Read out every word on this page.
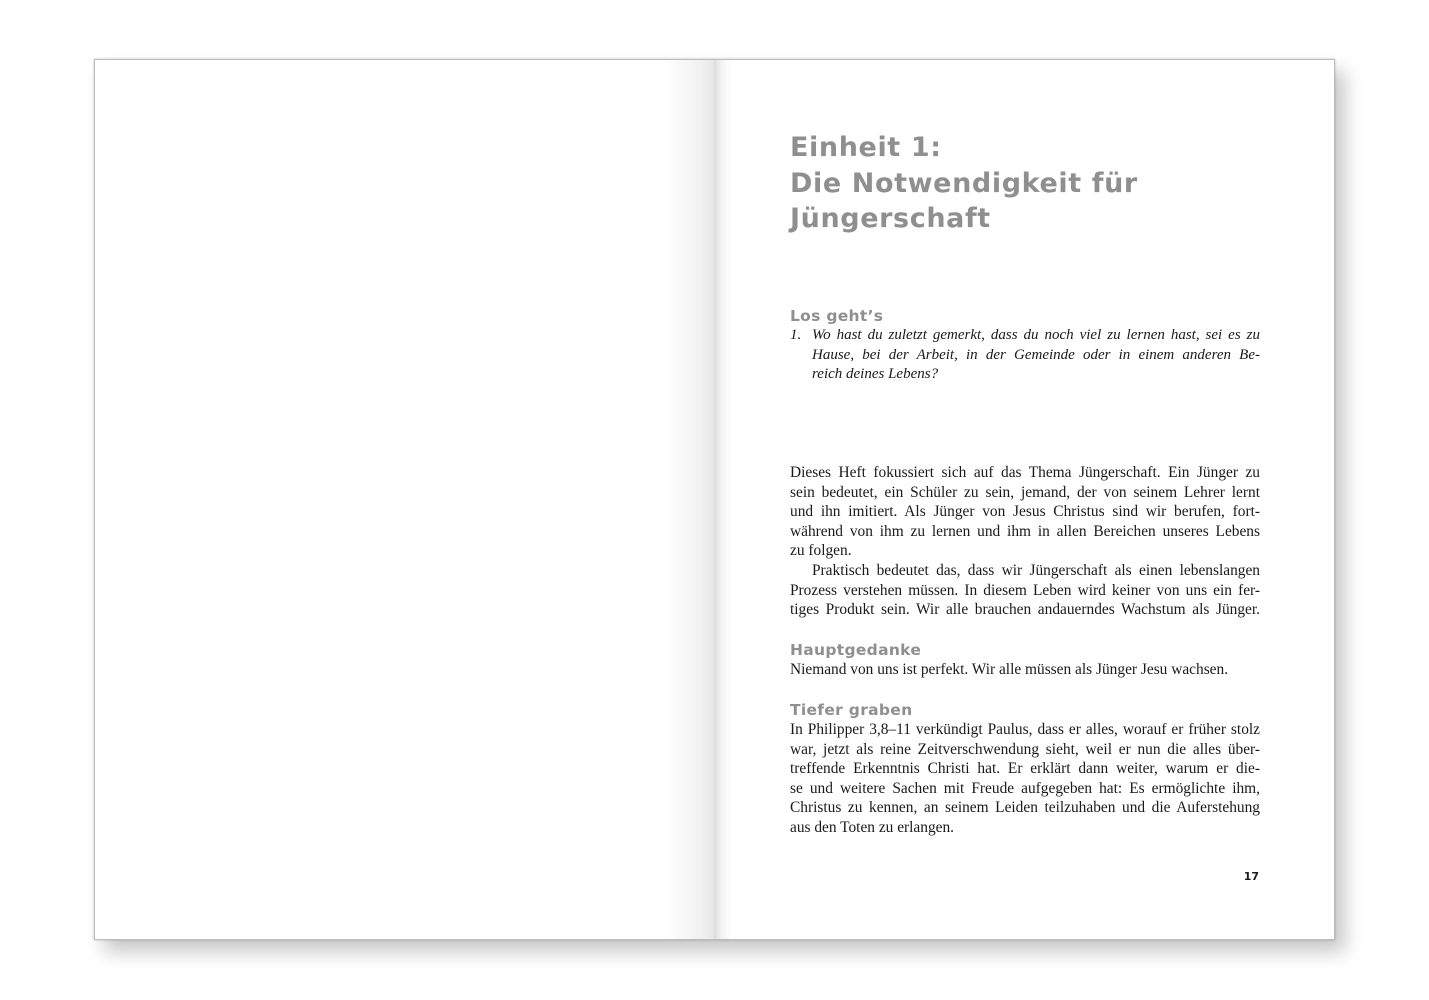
Einheit 1:
Die Notwendigkeit für
Jüngerschaft
Los geht’s

1. Wo hast du zuletzt gemerkt, dass du noch viel zu lernen hast, sei es zu
Hause, bei der Arbeit, in der Gemeinde oder in einem anderen Be-
reich deines Lebens?

Dieses Heft fokussiert sich auf das Thema Jüngerschaft. Ein Jünger zu
sein bedeutet, ein Schüler zu sein, jemand, der von seinem Lehrer lernt
und ihn imitiert. Als Jünger von Jesus Christus sind wir berufen, fort-
während von ihm zu lernen und ihm in allen Bereichen unseres Lebens
zu folgen.

Praktisch bedeutet das, dass wir Jüngerschaft als einen lebenslangen
Prozess verstehen müssen. In diesem Leben wird keiner von uns ein fer-
tiges Produkt sein. Wir alle brauchen andauerndes Wachstum als Jünger.

Hauptgedanke

Niemand von uns ist perfekt. Wir alle müssen als Jünger Jesu wachsen.

Tiefer graben

In Philipper 3,8–11 verkündigt Paulus, dass er alles, worauf er früher stolz
war, jetzt als reine Zeitverschwendung sieht, weil er nun die alles über-
treffende Erkenntnis Christi hat. Er erklärt dann weiter, warum er die-
se und weitere Sachen mit Freude aufgegeben hat: Es ermöglichte ihm,
Christus zu kennen, an seinem Leiden teilzuhaben und die Auferstehung
aus den Toten zu erlangen.

17
